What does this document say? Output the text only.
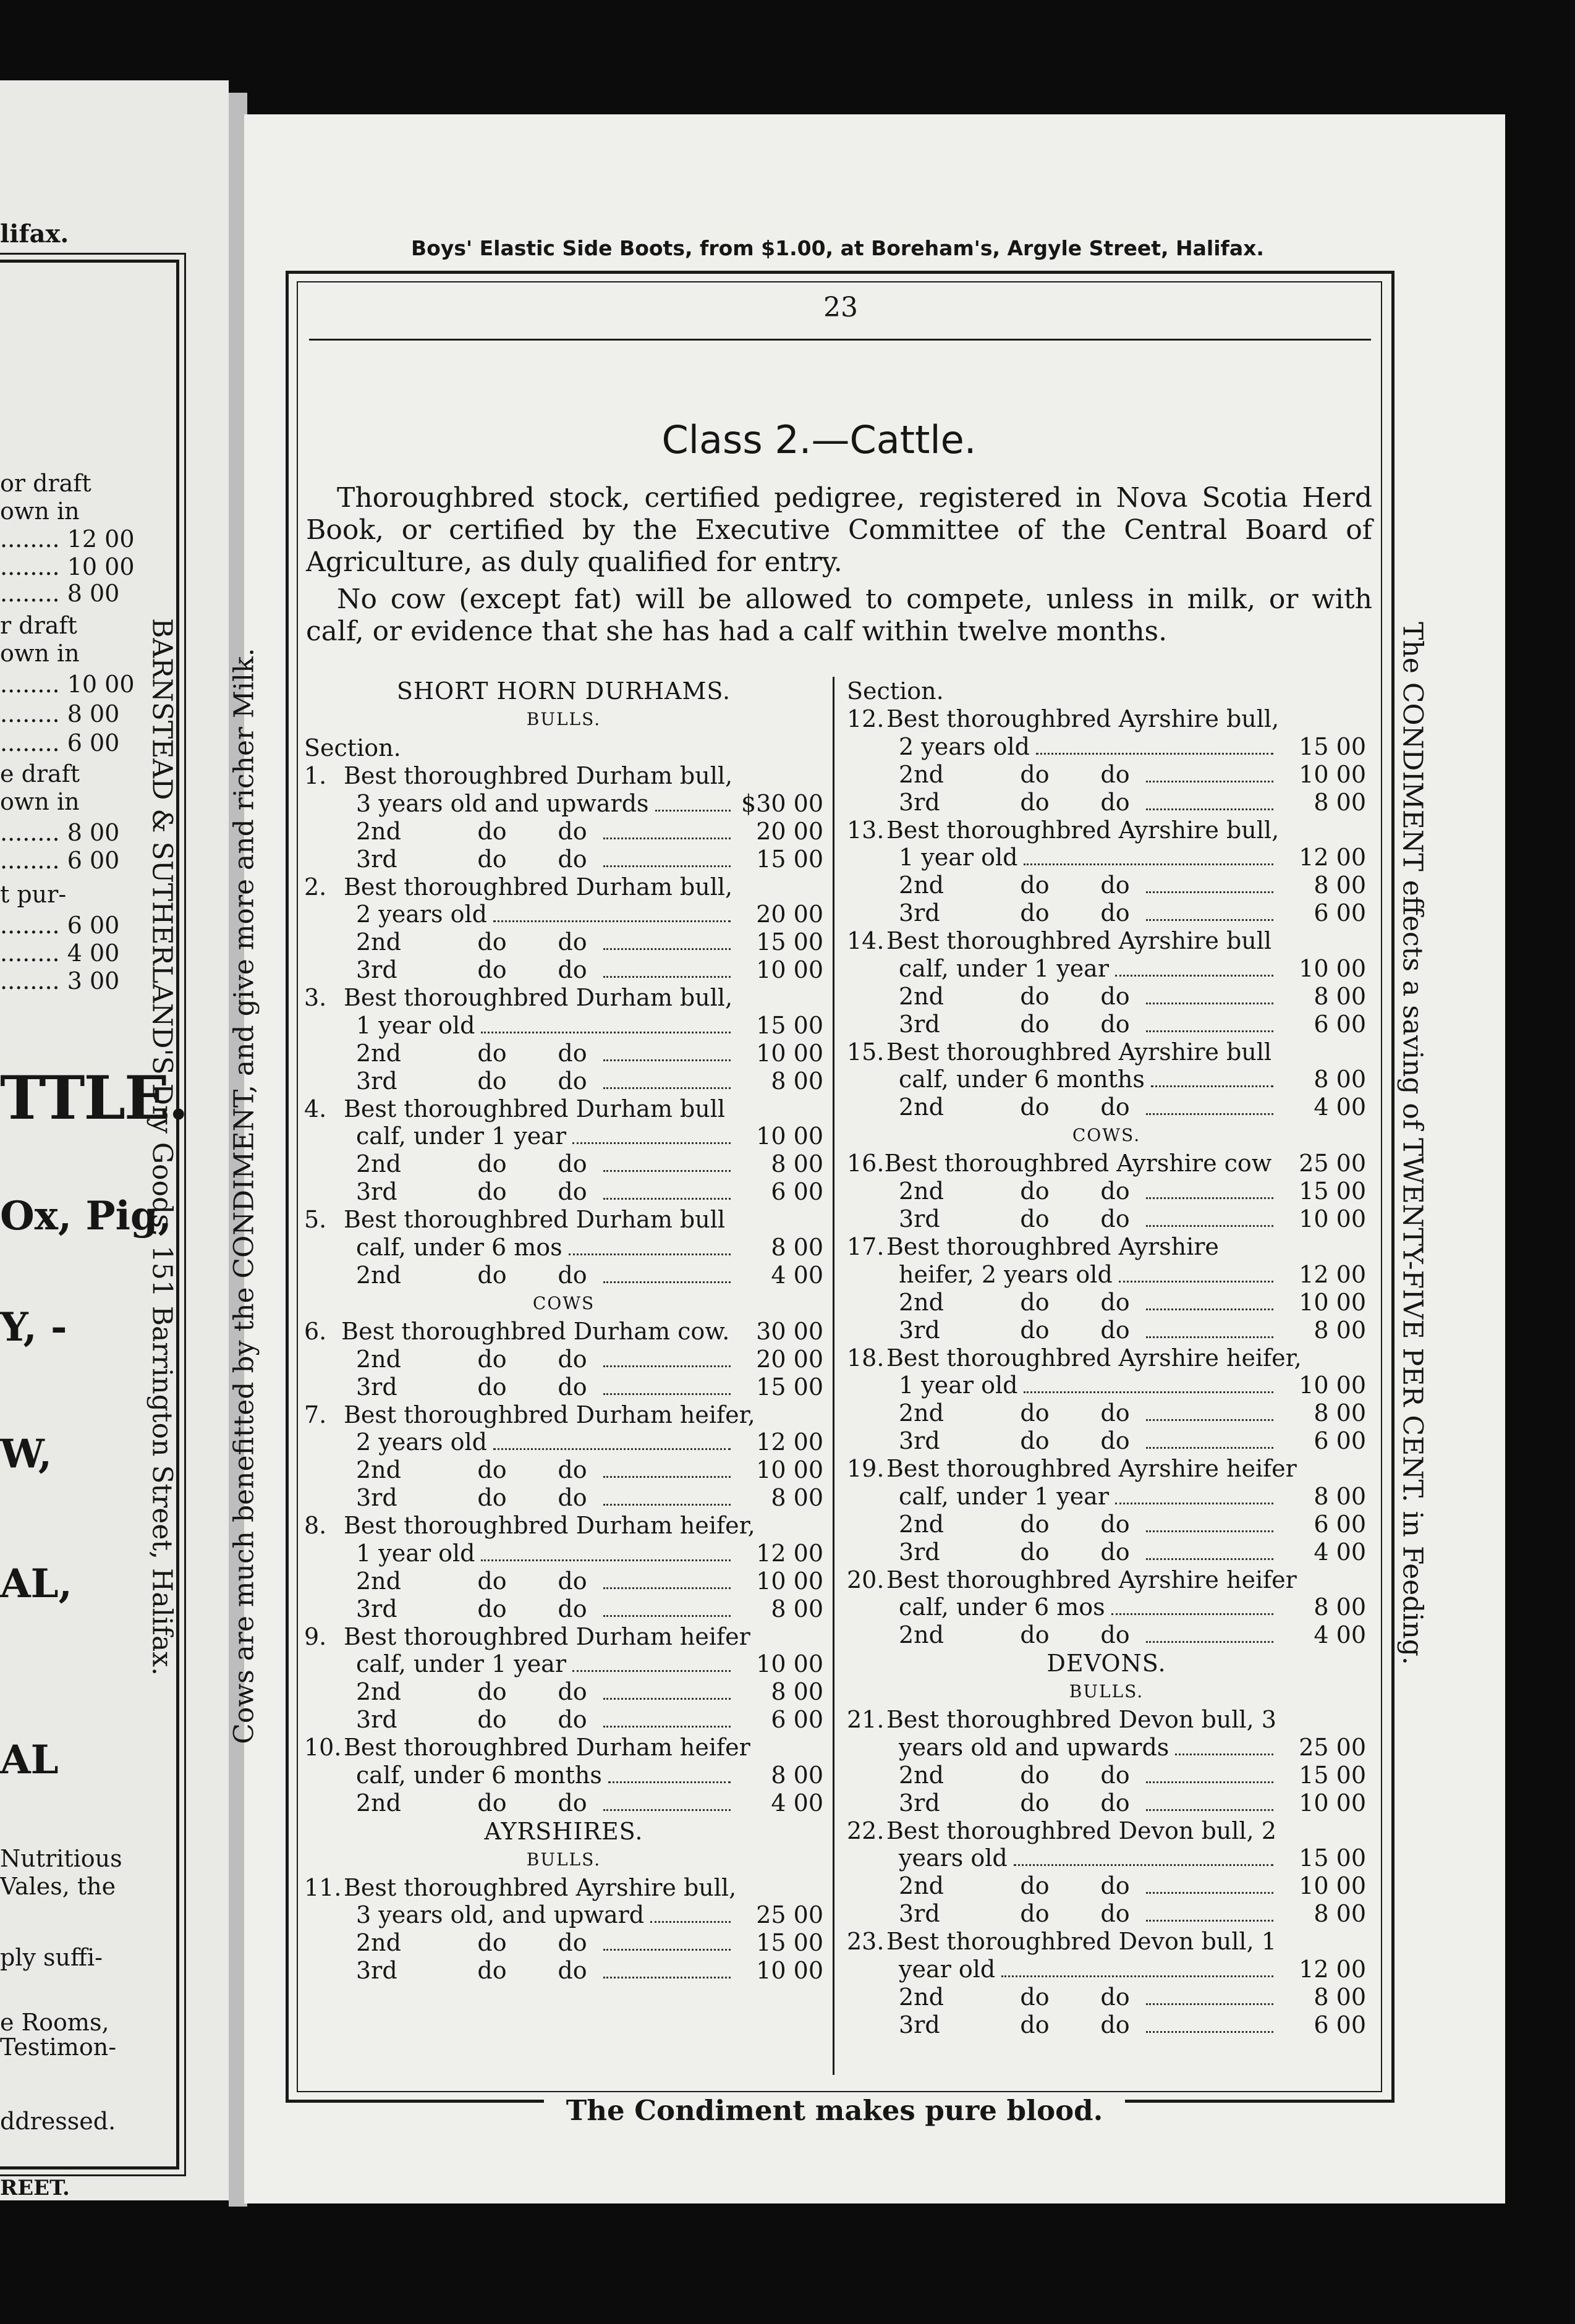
lifax.
or draft
own in
........ 12 00
........ 10 00
........ 8 00
r draft
own in
........ 10 00
........ 8 00
........ 6 00
e draft
own in
........ 8 00
........ 6 00
t pur-
........ 6 00
........ 4 00
........ 3 00
TTLE.
Ox, Pig,
Y, -
W,
AL,
AL
Nutritious
Vales, the
ply suffi-
e Rooms,
Testimon-
ddressed.
REET.
Boys' Elastic Side Boots, from $1.00, at Boreham's, Argyle Street, Halifax.
23
Class 2.—Cattle.

Thoroughbred stock, certified pedigree, registered in Nova Scotia Herd Book, or certified by the Executive Committee of the Central Board of Agriculture, as duly qualified for entry.

No cow (except fat) will be allowed to compete, unless in milk, or with calf, or evidence that she has had a calf within twelve months.

SHORT HORN DURHAMS.

BULLS.

Section.

1. Best thoroughbred Durham bull,
3 years old and upwards	$30 00
2nd	do	do	20 00
3rd	do	do	15 00
2. Best thoroughbred Durham bull,
2 years old	20 00
2nd	do	do	15 00
3rd	do	do	10 00
3. Best thoroughbred Durham bull,
1 year old	15 00
2nd	do	do	10 00
3rd	do	do	8 00
4. Best thoroughbred Durham bull
calf, under 1 year	10 00
2nd	do	do	8 00
3rd	do	do	6 00
5. Best thoroughbred Durham bull
calf, under 6 mos	8 00
2nd	do	do	4 00

COWS

6. Best thoroughbred Durham cow.	30 00
2nd	do	do	20 00
3rd	do	do	15 00
7. Best thoroughbred Durham heifer,
2 years old	12 00
2nd	do	do	10 00
3rd	do	do	8 00
8. Best thoroughbred Durham heifer,
1 year old	12 00
2nd	do	do	10 00
3rd	do	do	8 00
9. Best thoroughbred Durham heifer
calf, under 1 year	10 00
2nd	do	do	8 00
3rd	do	do	6 00
10. Best thoroughbred Durham heifer
calf, under 6 months	8 00
2nd	do	do	4 00

AYRSHIRES.

BULLS.

11. Best thoroughbred Ayrshire bull,
3 years old, and upward	25 00
2nd	do	do	15 00
3rd	do	do	10 00

Section.

12. Best thoroughbred Ayrshire bull,
2 years old	15 00
2nd	do	do	10 00
3rd	do	do	8 00
13. Best thoroughbred Ayrshire bull,
1 year old	12 00
2nd	do	do	8 00
3rd	do	do	6 00
14. Best thoroughbred Ayrshire bull
calf, under 1 year	10 00
2nd	do	do	8 00
3rd	do	do	6 00
15. Best thoroughbred Ayrshire bull
calf, under 6 months	8 00
2nd	do	do	4 00

COWS.

16. Best thoroughbred Ayrshire cow	25 00
2nd	do	do	15 00
3rd	do	do	10 00
17. Best thoroughbred Ayrshire
heifer, 2 years old	12 00
2nd	do	do	10 00
3rd	do	do	8 00
18. Best thoroughbred Ayrshire heifer,
1 year old	10 00
2nd	do	do	8 00
3rd	do	do	6 00
19. Best thoroughbred Ayrshire heifer
calf, under 1 year	8 00
2nd	do	do	6 00
3rd	do	do	4 00
20. Best thoroughbred Ayrshire heifer
calf, under 6 mos	8 00
2nd	do	do	4 00

DEVONS.

BULLS.

21. Best thoroughbred Devon bull, 3
years old and upwards	25 00
2nd	do	do	15 00
3rd	do	do	10 00
22. Best thoroughbred Devon bull, 2
years old	15 00
2nd	do	do	10 00
3rd	do	do	8 00
23. Best thoroughbred Devon bull, 1
year old	12 00
2nd	do	do	8 00
3rd	do	do	6 00
The Condiment makes pure blood.
Cows are much benefitted by the CONDIMENT, and give more and richer Milk.
BARNSTEAD & SUTHERLAND'S Dry Goods, 151 Barrington Street, Halifax.	The CONDIMENT effects a saving of TWENTY-FIVE PER CENT. in Feeding.
